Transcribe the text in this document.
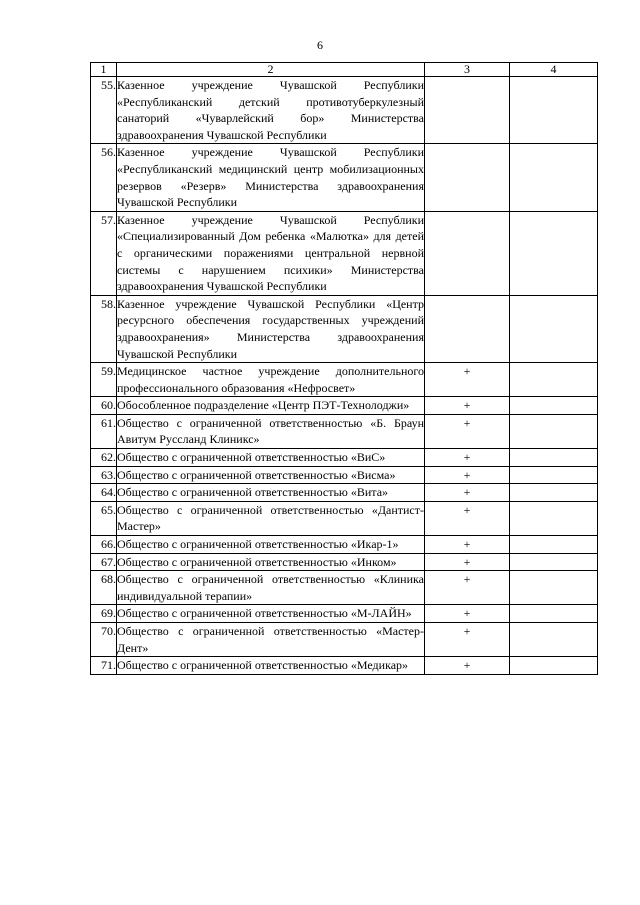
6
1	2	3	4
55.	Казенное учреждение Чувашской Республики «Республиканский детский противотуберкулезный санаторий «Чуварлейский бор» Министерства здравоохранения Чувашской Республики		
56.	Казенное учреждение Чувашской Республики «Республиканский медицинский центр мобилизационных резервов «Резерв» Министерства здравоохранения Чувашской Республики		
57.	Казенное учреждение Чувашской Республики «Специализированный Дом ребенка «Малютка» для детей с органическими поражениями центральной нервной системы с нарушением психики» Министерства здравоохранения Чувашской Республики		
58.	Казенное учреждение Чувашской Республики «Центр ресурсного обеспечения государственных учреждений здравоохранения» Министерства здравоохранения Чувашской Республики		
59.	Медицинское частное учреждение дополнительного профессионального образования «Нефросвет»	+	
60.	Обособленное подразделение «Центр ПЭТ-Технолоджи»	+	
61.	Общество с ограниченной ответственностью «Б. Браун Авитум Руссланд Клиникс»	+	
62.	Общество с ограниченной ответственностью «ВиС»	+	
63.	Общество с ограниченной ответственностью «Висма»	+	
64.	Общество с ограниченной ответственностью «Вита»	+	
65.	Общество с ограниченной ответственностью «Дантист-Мастер»	+	
66.	Общество с ограниченной ответственностью «Икар-1»	+	
67.	Общество с ограниченной ответственностью «Инком»	+	
68.	Общество с ограниченной ответственностью «Клиника индивидуальной терапии»	+	
69.	Общество с ограниченной ответственностью «М-ЛАЙН»	+	
70.	Общество с ограниченной ответственностью «Мастер-Дент»	+	
71.	Общество с ограниченной ответственностью «Медикар»	+	
